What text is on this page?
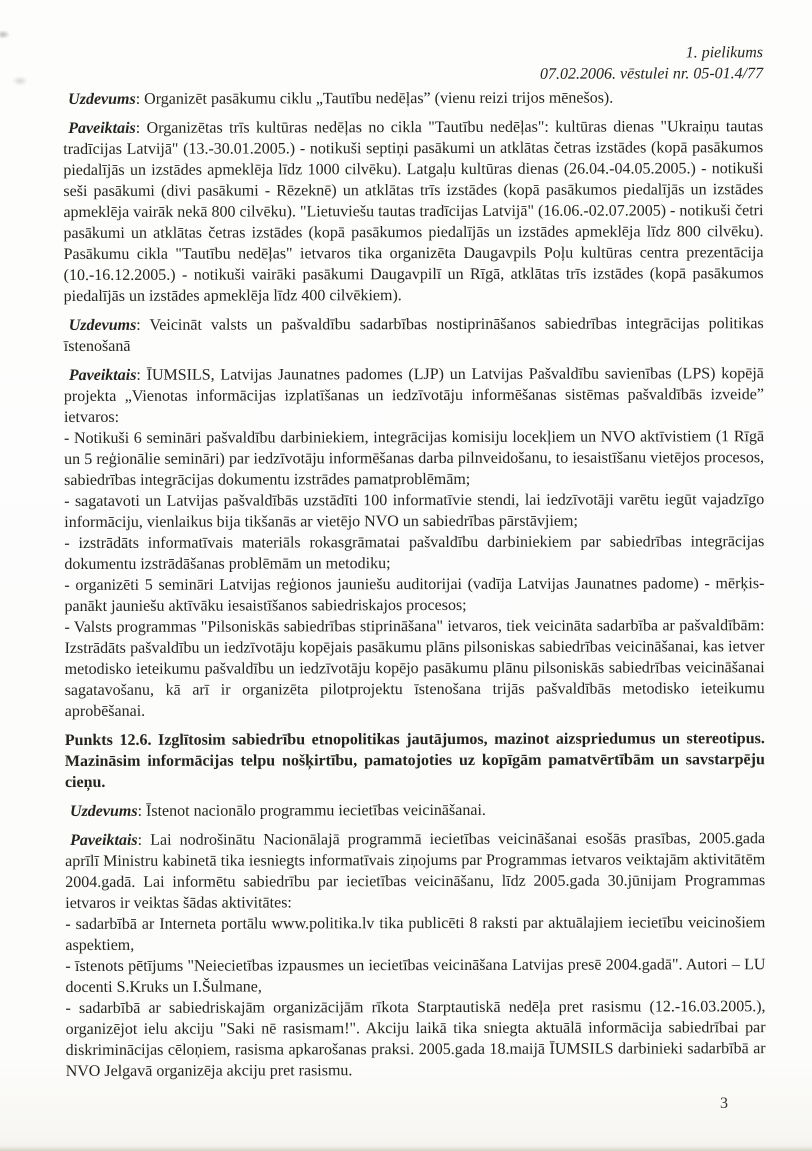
1. pielikums
07.02.2006. vēstulei nr. 05-01.4/77

Uzdevums: Organizēt pasākumu ciklu „Tautību nedēļas” (vienu reizi trijos mēnešos).

Paveiktais: Organizētas trīs kultūras nedēļas no cikla "Tautību nedēļas": kultūras dienas "Ukraiņu tautas tradīcijas Latvijā" (13.-30.01.2005.) - notikuši septiņi pasākumi un atklātas četras izstādes (kopā pasākumos piedalījās un izstādes apmeklēja līdz 1000 cilvēku). Latgaļu kultūras dienas (26.04.-04.05.2005.) - notikuši seši pasākumi (divi pasākumi - Rēzeknē) un atklātas trīs izstādes (kopā pasākumos piedalījās un izstādes apmeklēja vairāk nekā 800 cilvēku). "Lietuviešu tautas tradīcijas Latvijā" (16.06.-02.07.2005) - notikuši četri pasākumi un atklātas četras izstādes (kopā pasākumos piedalījās un izstādes apmeklēja līdz 800 cilvēku). Pasākumu cikla "Tautību nedēļas" ietvaros tika organizēta Daugavpils Poļu kultūras centra prezentācija (10.-16.12.2005.) - notikuši vairāki pasākumi Daugavpilī un Rīgā, atklātas trīs izstādes (kopā pasākumos piedalījās un izstādes apmeklēja līdz 400 cilvēkiem).

Uzdevums: Veicināt valsts un pašvaldību sadarbības nostiprināšanos sabiedrības integrācijas politikas īstenošanā

Paveiktais: ĪUMSILS, Latvijas Jaunatnes padomes (LJP) un Latvijas Pašvaldību savienības (LPS) kopējā projekta „Vienotas informācijas izplatīšanas un iedzīvotāju informēšanas sistēmas pašvaldībās izveide” ietvaros:

- Notikuši 6 semināri pašvaldību darbiniekiem, integrācijas komisiju locekļiem un NVO aktīvistiem (1 Rīgā un 5 reģionālie semināri) par iedzīvotāju informēšanas darba pilnveidošanu, to iesaistīšanu vietējos procesos, sabiedrības integrācijas dokumentu izstrādes pamatproblēmām;
- sagatavoti un Latvijas pašvaldībās uzstādīti 100 informatīvie stendi, lai iedzīvotāji varētu iegūt vajadzīgo informāciju, vienlaikus bija tikšanās ar vietējo NVO un sabiedrības pārstāvjiem;
- izstrādāts informatīvais materiāls rokasgrāmatai pašvaldību darbiniekiem par sabiedrības integrācijas dokumentu izstrādāšanas problēmām un metodiku;
- organizēti 5 semināri Latvijas reģionos jauniešu auditorijai (vadīja Latvijas Jaunatnes padome) - mērķis- panākt jauniešu aktīvāku iesaistīšanos sabiedriskajos procesos;
- Valsts programmas "Pilsoniskās sabiedrības stiprināšana" ietvaros, tiek veicināta sadarbība ar pašvaldībām: Izstrādāts pašvaldību un iedzīvotāju kopējais pasākumu plāns pilsoniskas sabiedrības veicināšanai, kas ietver metodisko ieteikumu pašvaldību un iedzīvotāju kopējo pasākumu plānu pilsoniskās sabiedrības veicināšanai sagatavošanu, kā arī ir organizēta pilotprojektu īstenošana trijās pašvaldībās metodisko ieteikumu aprobēšanai.

Punkts 12.6. Izglītosim sabiedrību etnopolitikas jautājumos, mazinot aizspriedumus un stereotipus. Mazināsim informācijas telpu nošķirtību, pamatojoties uz kopīgām pamatvērtībām un savstarpēju cieņu.

Uzdevums: Īstenot nacionālo programmu iecietības veicināšanai.

Paveiktais: Lai nodrošinātu Nacionālajā programmā iecietības veicināšanai esošās prasības, 2005.gada aprīlī Ministru kabinetā tika iesniegts informatīvais ziņojums par Programmas ietvaros veiktajām aktivitātēm 2004.gadā. Lai informētu sabiedrību par iecietības veicināšanu, līdz 2005.gada 30.jūnijam Programmas ietvaros ir veiktas šādas aktivitātes:

- sadarbībā ar Interneta portālu www.politika.lv tika publicēti 8 raksti par aktuālajiem iecietību veicinošiem aspektiem,
- īstenots pētījums "Neiecietības izpausmes un iecietības veicināšana Latvijas presē 2004.gadā". Autori – LU docenti S.Kruks un I.Šulmane,
- sadarbībā ar sabiedriskajām organizācijām rīkota Starptautiskā nedēļa pret rasismu (12.-16.03.2005.), organizējot ielu akciju "Saki nē rasismam!". Akciju laikā tika sniegta aktuālā informācija sabiedrībai par diskriminācijas cēloņiem, rasisma apkarošanas praksi. 2005.gada 18.maijā ĪUMSILS darbinieki sadarbībā ar NVO Jelgavā organizēja akciju pret rasismu.
3
